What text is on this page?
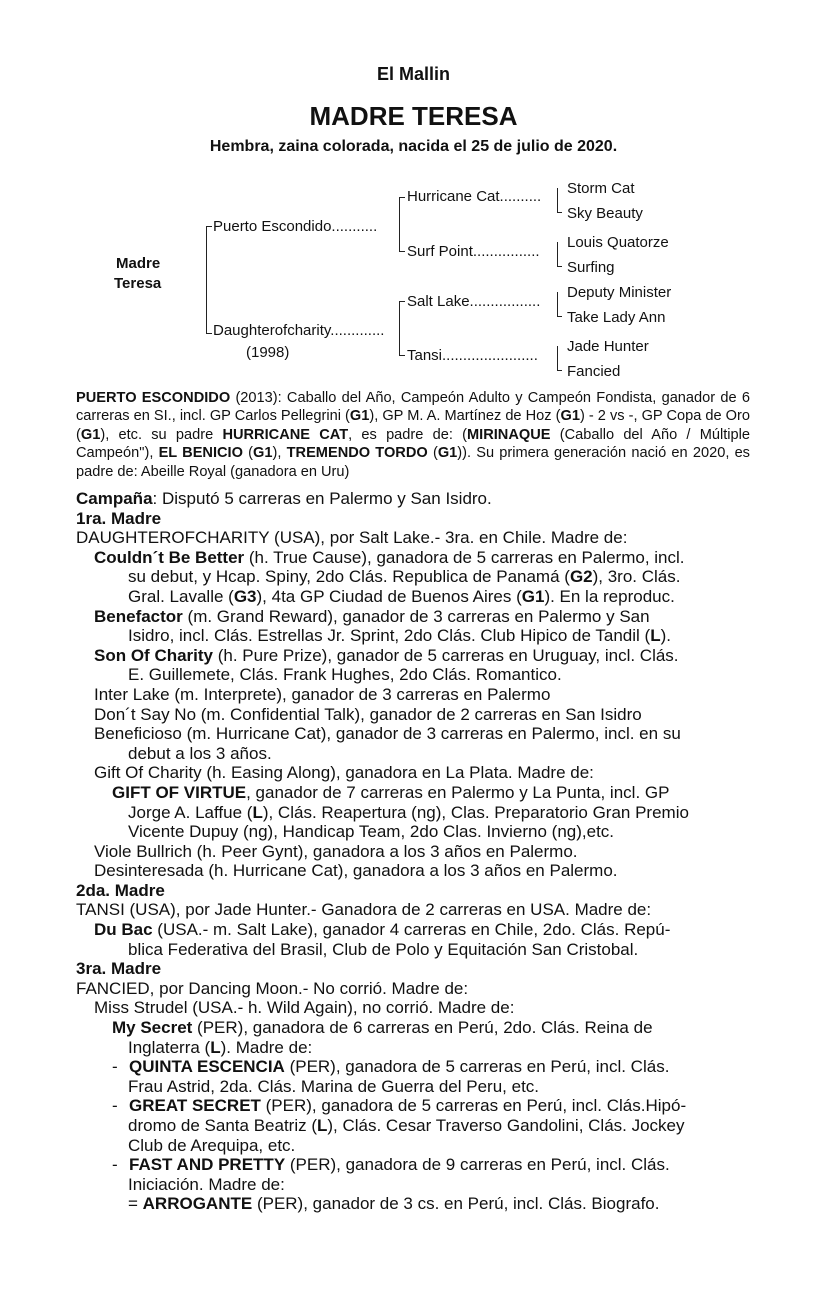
El Mallin
MADRE TERESA
Hembra, zaina colorada, nacida el 25 de julio de 2020.
Madre
Teresa
Puerto Escondido...........
Daughterofcharity.............
(1998)
Hurricane Cat..........
Surf Point................
Salt Lake.................
Tansi.......................
Storm Cat
Sky Beauty
Louis Quatorze
Surfing
Deputy Minister
Take Lady Ann
Jade Hunter
Fancied
PUERTO ESCONDIDO (2013): Caballo del Año, Campeón Adulto y Campeón Fondista, ganador de 6 carreras en SI., incl. GP Carlos Pellegrini (G1), GP M. A. Martínez de Hoz (G1) - 2 vs -, GP Copa de Oro (G1), etc. su padre HURRICANE CAT, es padre de: (MIRINAQUE (Caballo del Año / Múltiple Campeón"), EL BENICIO (G1), TREMENDO TORDO (G1)). Su primera generación nació en 2020, es padre de: Abeille Royal (ganadora en Uru)
Campaña: Disputó 5 carreras en Palermo y San Isidro.
1ra. Madre
DAUGHTEROFCHARITY (USA), por Salt Lake.- 3ra. en Chile. Madre de:
Couldn´t Be Better (h. True Cause), ganadora de 5 carreras en Palermo, incl.
su debut, y Hcap. Spiny, 2do Clás. Republica de Panamá (G2), 3ro. Clás.
Gral. Lavalle (G3), 4ta GP Ciudad de Buenos Aires (G1). En la reproduc.
Benefactor (m. Grand Reward), ganador de 3 carreras en Palermo y San
Isidro, incl. Clás. Estrellas Jr. Sprint, 2do Clás. Club Hipico de Tandil (L).
Son Of Charity (h. Pure Prize), ganador de 5 carreras en Uruguay, incl. Clás.
E. Guillemete, Clás. Frank Hughes, 2do Clás. Romantico.
Inter Lake (m. Interprete), ganador de 3 carreras en Palermo
Don´t Say No (m. Confidential Talk), ganador de 2 carreras en San Isidro
Beneficioso (m. Hurricane Cat), ganador de 3 carreras en Palermo, incl. en su
debut a los 3 años.
Gift Of Charity (h. Easing Along), ganadora en La Plata. Madre de:
GIFT OF VIRTUE, ganador de 7 carreras en Palermo y La Punta, incl. GP
Jorge A. Laffue (L), Clás. Reapertura (ng), Clas. Preparatorio Gran Premio
Vicente Dupuy (ng), Handicap Team, 2do Clas. Invierno (ng),etc.
Viole Bullrich (h. Peer Gynt), ganadora a los 3 años en Palermo.
Desinteresada (h. Hurricane Cat), ganadora a los 3 años en Palermo.
2da. Madre
TANSI (USA), por Jade Hunter.- Ganadora de 2 carreras en USA. Madre de:
Du Bac (USA.- m. Salt Lake), ganador 4 carreras en Chile, 2do. Clás. Repú-
blica Federativa del Brasil, Club de Polo y Equitación San Cristobal.
3ra. Madre
FANCIED, por Dancing Moon.- No corrió. Madre de:
Miss Strudel (USA.- h. Wild Again), no corrió. Madre de:
My Secret (PER), ganadora de 6 carreras en Perú, 2do. Clás. Reina de
Inglaterra (L). Madre de:
- QUINTA ESCENCIA (PER), ganadora de 5 carreras en Perú, incl. Clás.
Frau Astrid, 2da. Clás. Marina de Guerra del Peru, etc.
- GREAT SECRET (PER), ganadora de 5 carreras en Perú, incl. Clás.Hipó-
dromo de Santa Beatriz (L), Clás. Cesar Traverso Gandolini, Clás. Jockey
Club de Arequipa, etc.
- FAST AND PRETTY (PER), ganadora de 9 carreras en Perú, incl. Clás.
Iniciación. Madre de:
= ARROGANTE (PER), ganador de 3 cs. en Perú, incl. Clás. Biografo.
